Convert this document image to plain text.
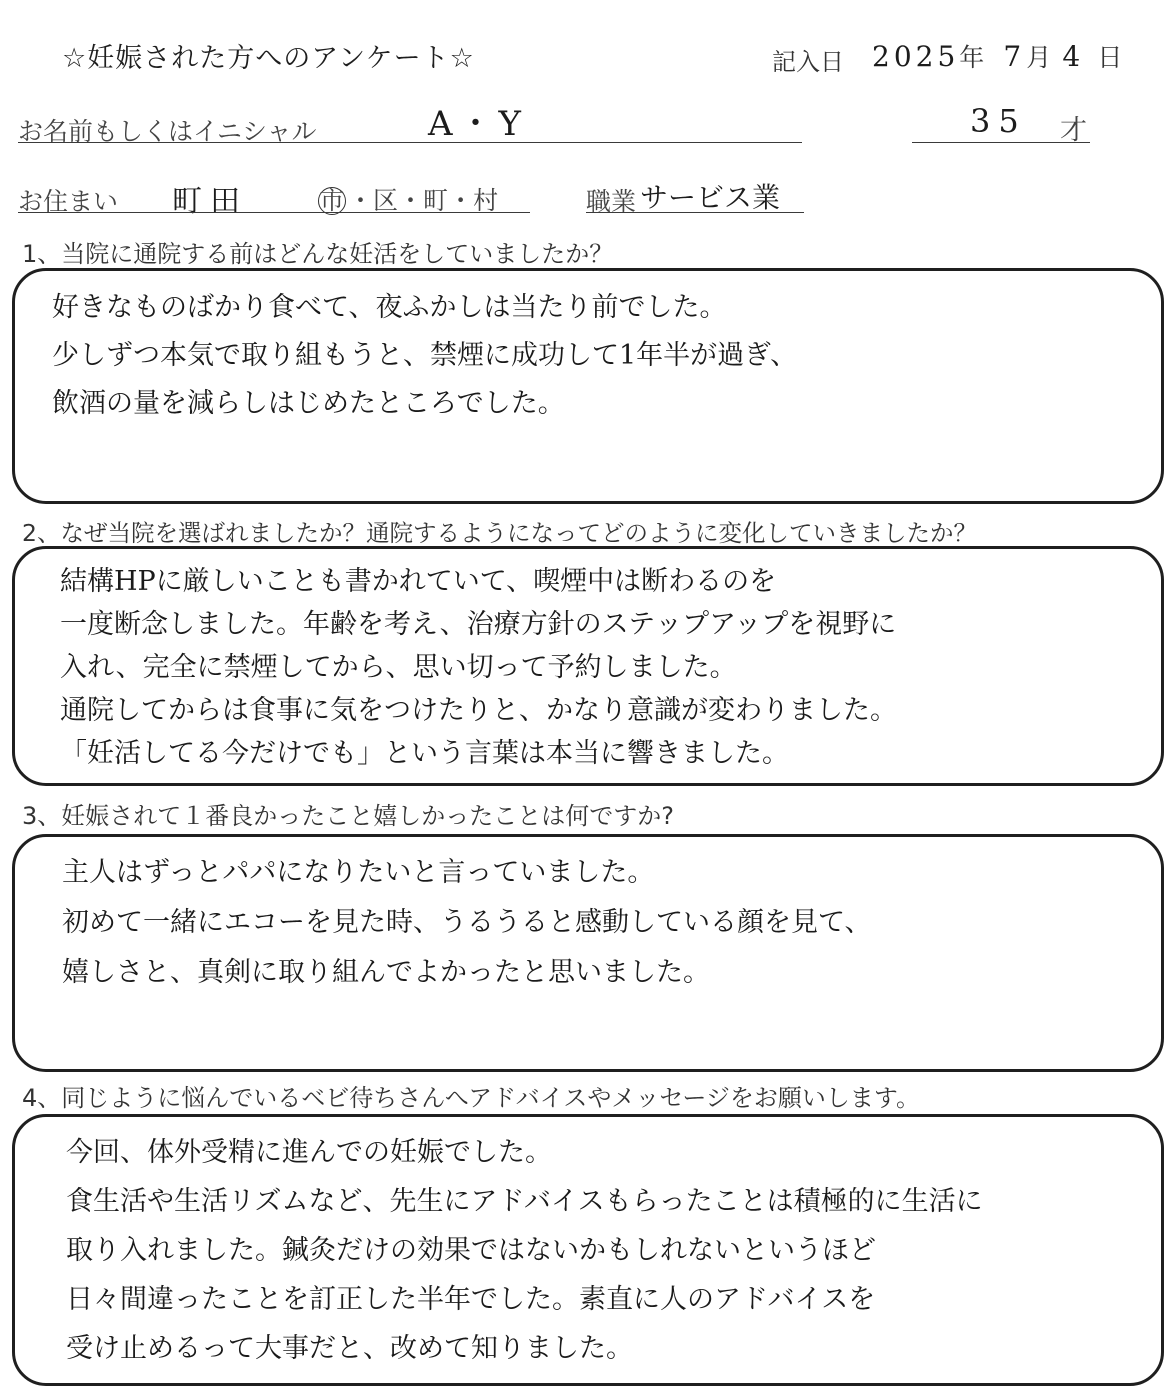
☆妊娠された方へのアンケート☆	記入日 2025年 7 月 4 日
お名前もしくはイニシャル	A・Y	35 才
お住まい 町田	市 ・区・町・村	職業 サービス業
1、当院に通院する前はどんな妊活をしていましたか？
好きなものばかり食べて、夜ふかしは当たり前でした。
少しずつ本気で取り組もうと、禁煙に成功して1年半が過ぎ、
飲酒の量を減らしはじめたところでした。
2、なぜ当院を選ばれましたか？通院するようになってどのように変化していきましたか？
結構HPに厳しいことも書かれていて、喫煙中は断わるのを
一度断念しました。年齢を考え、治療方針のステップアップを視野に
入れ、完全に禁煙してから、思い切って予約しました。
通院してからは食事に気をつけたりと、かなり意識が変わりました。
「妊活してる今だけでも」という言葉は本当に響きました。
3、妊娠されて１番良かったこと嬉しかったことは何ですか?
主人はずっとパパになりたいと言っていました。
初めて一緒にエコーを見た時、うるうると感動している顔を見て、
嬉しさと、真剣に取り組んでよかったと思いました。
4、同じように悩んでいるベビ待ちさんへアドバイスやメッセージをお願いします。
今回、体外受精に進んでの妊娠でした。
食生活や生活リズムなど、先生にアドバイスもらったことは積極的に生活に
取り入れました。鍼灸だけの効果ではないかもしれないというほど
日々間違ったことを訂正した半年でした。素直に人のアドバイスを
受け止めるって大事だと、改めて知りました。
